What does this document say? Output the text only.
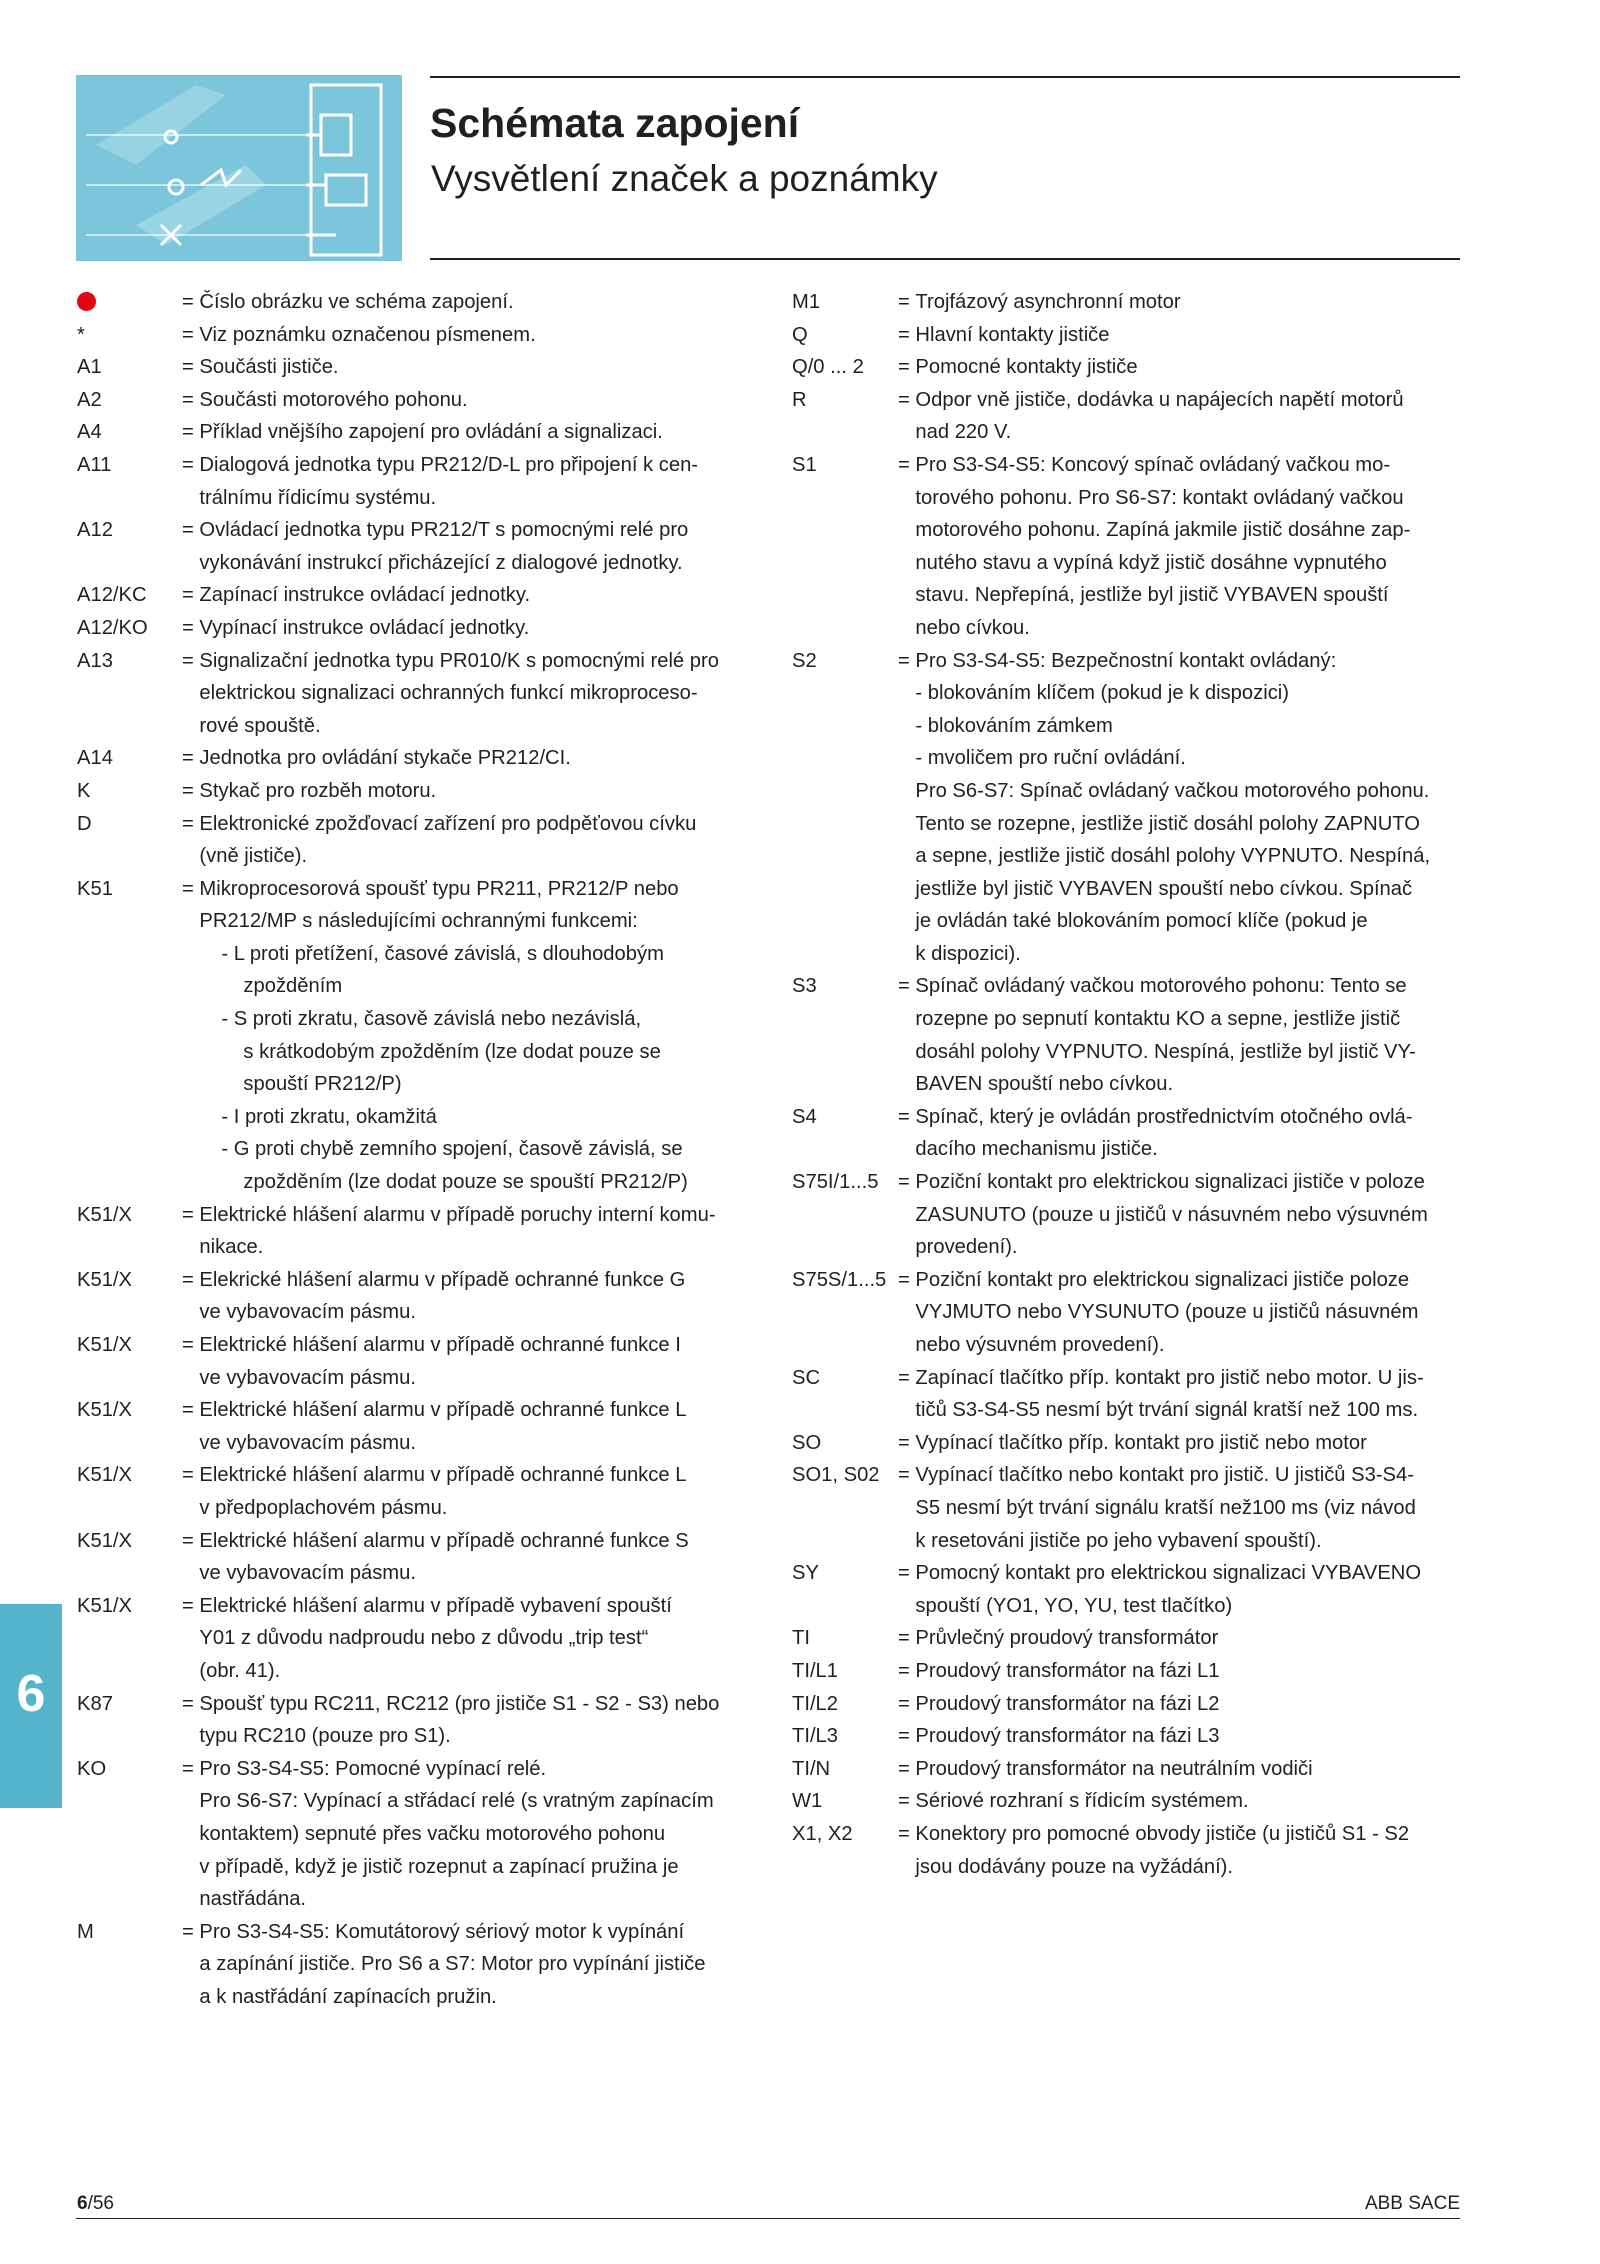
Schémata zapojení
Vysvětlení značek a poznámky
=
Číslo obrázku ve schéma zapojení.
*	=
Viz poznámku označenou písmenem.
A1	=
Součásti jističe.
A2	=
Součásti motorového pohonu.
A4	=
Příklad vnějšího zapojení pro ovládání a signalizaci.
A11	=
Dialogová jednotka typu PR212/D-L pro připojení k cen-
trálnímu řídicímu systému.
A12	=
Ovládací jednotka typu PR212/T s pomocnými relé pro
vykonávání instrukcí přicházející z dialogové jednotky.
A12/KC	=
Zapínací instrukce ovládací jednotky.
A12/KO	=
Vypínací instrukce ovládací jednotky.
A13	=
Signalizační jednotka typu PR010/K s pomocnými relé pro
elektrickou signalizaci ochranných funkcí mikroproceso-
rové spouště.
A14	=
Jednotka pro ovládání stykače PR212/CI.
K	=
Stykač pro rozběh motoru.
D	=
Elektronické zpožďovací zařízení pro podpěťovou cívku
(vně jističe).
K51	=
Mikroprocesorová spoušť typu PR211, PR212/P nebo
PR212/MP s následujícími ochrannými funkcemi:
- L proti přetížení, časové závislá, s dlouhodobým
zpožděním
- S proti zkratu, časově závislá nebo nezávislá,
s krátkodobým zpožděním (lze dodat pouze se
spouští PR212/P)
- I proti zkratu, okamžitá
- G proti chybě zemního spojení, časově závislá, se
zpožděním (lze dodat pouze se spouští PR212/P)
K51/X	=
Elektrické hlášení alarmu v případě poruchy interní komu-
nikace.
K51/X	=
Elekrické hlášení alarmu v případě ochranné funkce G
ve vybavovacím pásmu.
K51/X	=
Elektrické hlášení alarmu v případě ochranné funkce I
ve vybavovacím pásmu.
K51/X	=
Elektrické hlášení alarmu v případě ochranné funkce L
ve vybavovacím pásmu.
K51/X	=
Elektrické hlášení alarmu v případě ochranné funkce L
v předpoplachovém pásmu.
K51/X	=
Elektrické hlášení alarmu v případě ochranné funkce S
ve vybavovacím pásmu.
K51/X	=
Elektrické hlášení alarmu v případě vybavení spouští
Y01 z důvodu nadproudu nebo z důvodu „trip test“
(obr. 41).
K87	=
Spoušť typu RC211, RC212 (pro jističe S1 - S2 - S3) nebo
typu RC210 (pouze pro S1).
KO	=
Pro S3-S4-S5: Pomocné vypínací relé.
Pro S6-S7: Vypínací a střádací relé (s vratným zapínacím
kontaktem) sepnuté přes vačku motorového pohonu
v případě, když je jistič rozepnut a zapínací pružina je
nastřádána.
M	=
Pro S3-S4-S5: Komutátorový sériový motor k vypínání
a zapínání jističe. Pro S6 a S7: Motor pro vypínání jističe
a k nastřádání zapínacích pružin.
M1	=
Trojfázový asynchronní motor
Q	=
Hlavní kontakty jističe
Q/0 ... 2	=
Pomocné kontakty jističe
R	=
Odpor vně jističe, dodávka u napájecích napětí motorů
nad 220 V.
S1	=
Pro S3-S4-S5: Koncový spínač ovládaný vačkou mo-
torového pohonu. Pro S6-S7: kontakt ovládaný vačkou
motorového pohonu. Zapíná jakmile jistič dosáhne zap-
nutého stavu a vypíná když jistič dosáhne vypnutého
stavu. Nepřepíná, jestliže byl jistič VYBAVEN spouští
nebo cívkou.
S2	=
Pro S3-S4-S5: Bezpečnostní kontakt ovládaný:
- blokováním klíčem (pokud je k dispozici)
- blokováním zámkem
- mvoličem pro ruční ovládání.
Pro S6-S7: Spínač ovládaný vačkou motorového pohonu.
Tento se rozepne, jestliže jistič dosáhl polohy ZAPNUTO
a sepne, jestliže jistič dosáhl polohy VYPNUTO. Nespíná,
jestliže byl jistič VYBAVEN spouští nebo cívkou. Spínač
je ovládán také blokováním pomocí klíče (pokud je
k dispozici).
S3	=
Spínač ovládaný vačkou motorového pohonu: Tento se
rozepne po sepnutí kontaktu KO a sepne, jestliže jistič
dosáhl polohy VYPNUTO. Nespíná, jestliže byl jistič VY-
BAVEN spouští nebo cívkou.
S4	=
Spínač, který je ovládán prostřednictvím otočného ovlá-
dacího mechanismu jističe.
S75I/1...5 =
Poziční kontakt pro elektrickou signalizaci jističe v poloze
ZASUNUTO (pouze u jističů v násuvném nebo výsuvném
provedení).
S75S/1...5 =
Poziční kontakt pro elektrickou signalizaci jističe poloze
VYJMUTO nebo VYSUNUTO (pouze u jističů násuvném
nebo výsuvném provedení).
SC	=
Zapínací tlačítko příp. kontakt pro jistič nebo motor. U jis-
tičů S3-S4-S5 nesmí být trvání signál kratší než 100 ms.
SO	=
Vypínací tlačítko příp. kontakt pro jistič nebo motor
SO1, S02 =
Vypínací tlačítko nebo kontakt pro jistič. U jističů S3-S4-
S5 nesmí být trvání signálu kratší než100 ms (viz návod
k resetováni jističe po jeho vybavení spouští).
SY	=
Pomocný kontakt pro elektrickou signalizaci VYBAVENO
spouští (YO1, YO, YU, test tlačítko)
TI	=
Průvlečný proudový transformátor
TI/L1	=
Proudový transformátor na fázi L1
TI/L2	=
Proudový transformátor na fázi L2
TI/L3	=
Proudový transformátor na fázi L3
TI/N	=
Proudový transformátor na neutrálním vodiči
W1	=
Sériové rozhraní s řídicím systémem.
X1, X2	=
Konektory pro pomocné obvody jističe (u jističů S1 - S2
jsou dodávány pouze na vyžádání).
6
6/56	ABB SACE
